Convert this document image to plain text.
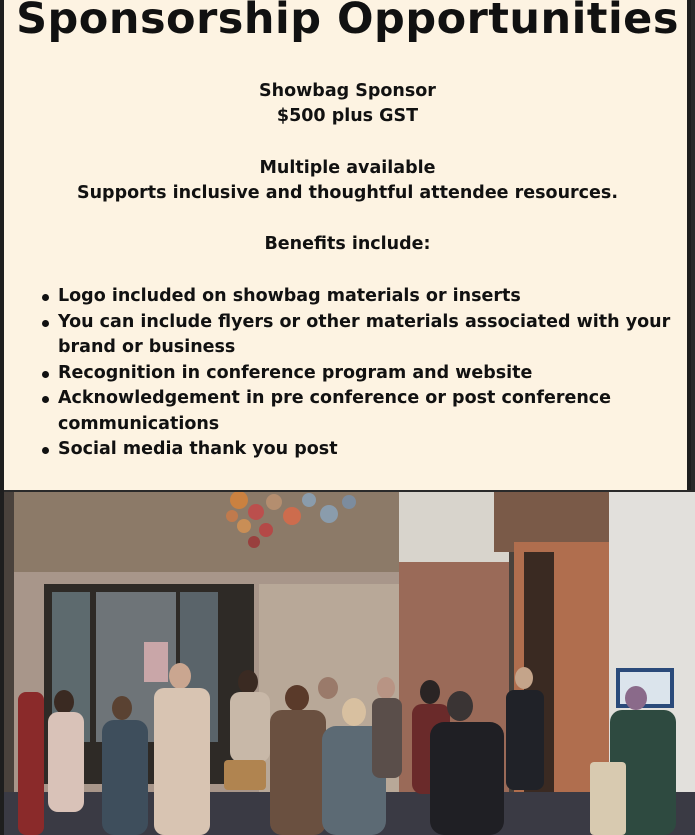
Sponsorship Opportunities
Showbag Sponsor
$500 plus GST
Multiple available
Supports inclusive and thoughtful attendee resources.
Benefits include:
Logo included on showbag materials or inserts
You can include flyers or other materials associated with your brand or business
Recognition in conference program and website
Acknowledgement in pre conference or post conference communications
Social media thank you post
